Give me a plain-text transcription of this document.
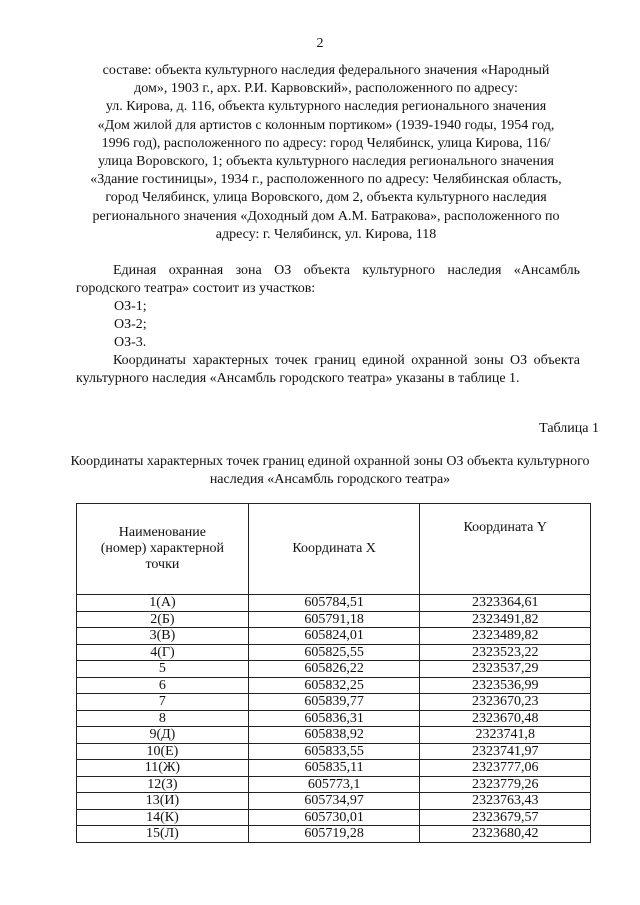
2
составе: объекта культурного наследия федерального значения «Народный
дом», 1903 г., арх. Р.И. Карвовский», расположенного по адресу:
ул. Кирова, д. 116, объекта культурного наследия регионального значения
«Дом жилой для артистов с колонным портиком» (1939-1940 годы, 1954 год,
1996 год), расположенного по адресу: город Челябинск, улица Кирова, 116/
улица Воровского, 1; объекта культурного наследия регионального значения
«Здание гостиницы», 1934 г., расположенного по адресу: Челябинская область,
город Челябинск, улица Воровского, дом 2, объекта культурного наследия
регионального значения «Доходный дом А.М. Батракова», расположенного по
адресу: г. Челябинск, ул. Кирова, 118
Единая охранная зона ОЗ объекта культурного наследия «Ансамбль городского театра» состоит из участков:
ОЗ-1;
ОЗ-2;
ОЗ-3.
Координаты характерных точек границ единой охранной зоны ОЗ объекта культурного наследия «Ансамбль городского театра» указаны в таблице 1.
Таблица 1
Координаты характерных точек границ единой охранной зоны ОЗ объекта культурного наследия «Ансамбль городского театра»
Наименование (номер) характерной точки	Координата X	Координата Y
1(А)	605784,51	2323364,61
2(Б)	605791,18	2323491,82
3(В)	605824,01	2323489,82
4(Г)	605825,55	2323523,22
5	605826,22	2323537,29
6	605832,25	2323536,99
7	605839,77	2323670,23
8	605836,31	2323670,48
9(Д)	605838,92	2323741,8
10(Е)	605833,55	2323741,97
11(Ж)	605835,11	2323777,06
12(З)	605773,1	2323779,26
13(И)	605734,97	2323763,43
14(К)	605730,01	2323679,57
15(Л)	605719,28	2323680,42
